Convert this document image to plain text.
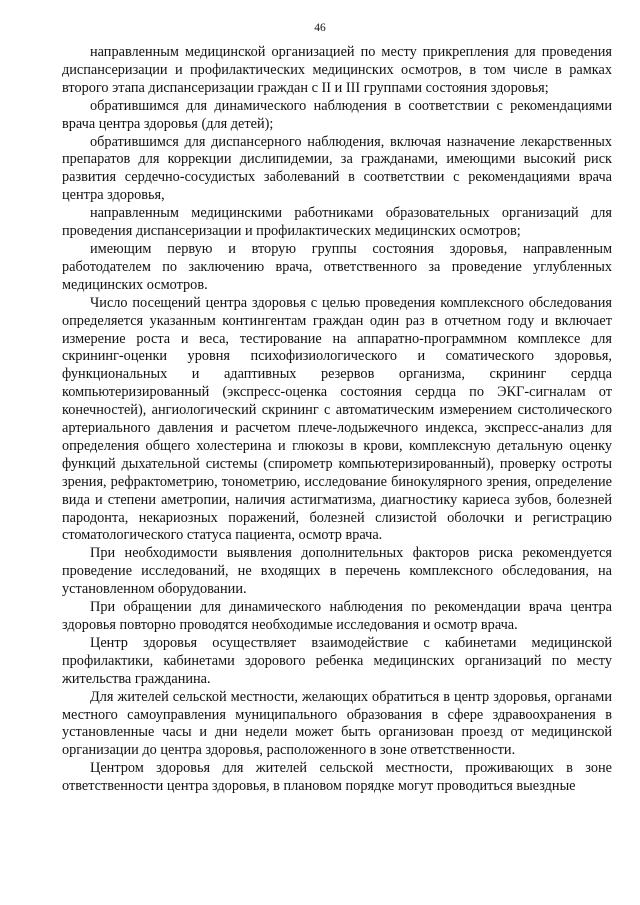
46

направленным медицинской организацией по месту прикрепления для проведения диспансеризации и профилактических медицинских осмотров, в том числе в рамках второго этапа диспансеризации граждан с II и III группами состояния здоровья;

обратившимся для динамического наблюдения в соответствии с рекомендациями врача центра здоровья (для детей);

обратившимся для диспансерного наблюдения, включая назначение лекарственных препаратов для коррекции дислипидемии, за гражданами, имеющими высокий риск развития сердечно-сосудистых заболеваний в соответствии с рекомендациями врача центра здоровья,

направленным медицинскими работниками образовательных организаций для проведения диспансеризации и профилактических медицинских осмотров;

имеющим первую и вторую группы состояния здоровья, направленным работодателем по заключению врача, ответственного за проведение углубленных медицинских осмотров.

Число посещений центра здоровья с целью проведения комплексного обследования определяется указанным контингентам граждан один раз в отчетном году и включает измерение роста и веса, тестирование на аппаратно-программном комплексе для скрининг-оценки уровня психофизиологического и соматического здоровья, функциональных и адаптивных резервов организма, скрининг сердца компьютеризированный (экспресс-оценка состояния сердца по ЭКГ-сигналам от конечностей), ангиологический скрининг с автоматическим измерением систолического артериального давления и расчетом плече-лодыжечного индекса, экспресс-анализ для определения общего холестерина и глюкозы в крови, комплексную детальную оценку функций дыхательной системы (спирометр компьютеризированный), проверку остроты зрения, рефрактометрию, тонометрию, исследование бинокулярного зрения, определение вида и степени аметропии, наличия астигматизма, диагностику кариеса зубов, болезней пародонта, некариозных поражений, болезней слизистой оболочки и регистрацию стоматологического статуса пациента, осмотр врача.

При необходимости выявления дополнительных факторов риска рекомендуется проведение исследований, не входящих в перечень комплексного обследования, на установленном оборудовании.

При обращении для динамического наблюдения по рекомендации врача центра здоровья повторно проводятся необходимые исследования и осмотр врача.

Центр здоровья осуществляет взаимодействие с кабинетами медицинской профилактики, кабинетами здорового ребенка медицинских организаций по месту жительства гражданина.

Для жителей сельской местности, желающих обратиться в центр здоровья, органами местного самоуправления муниципального образования в сфере здравоохранения в установленные часы и дни недели может быть организован проезд от медицинской организации до центра здоровья, расположенного в зоне ответственности.

Центром здоровья для жителей сельской местности, проживающих в зоне ответственности центра здоровья, в плановом порядке могут проводиться выездные
